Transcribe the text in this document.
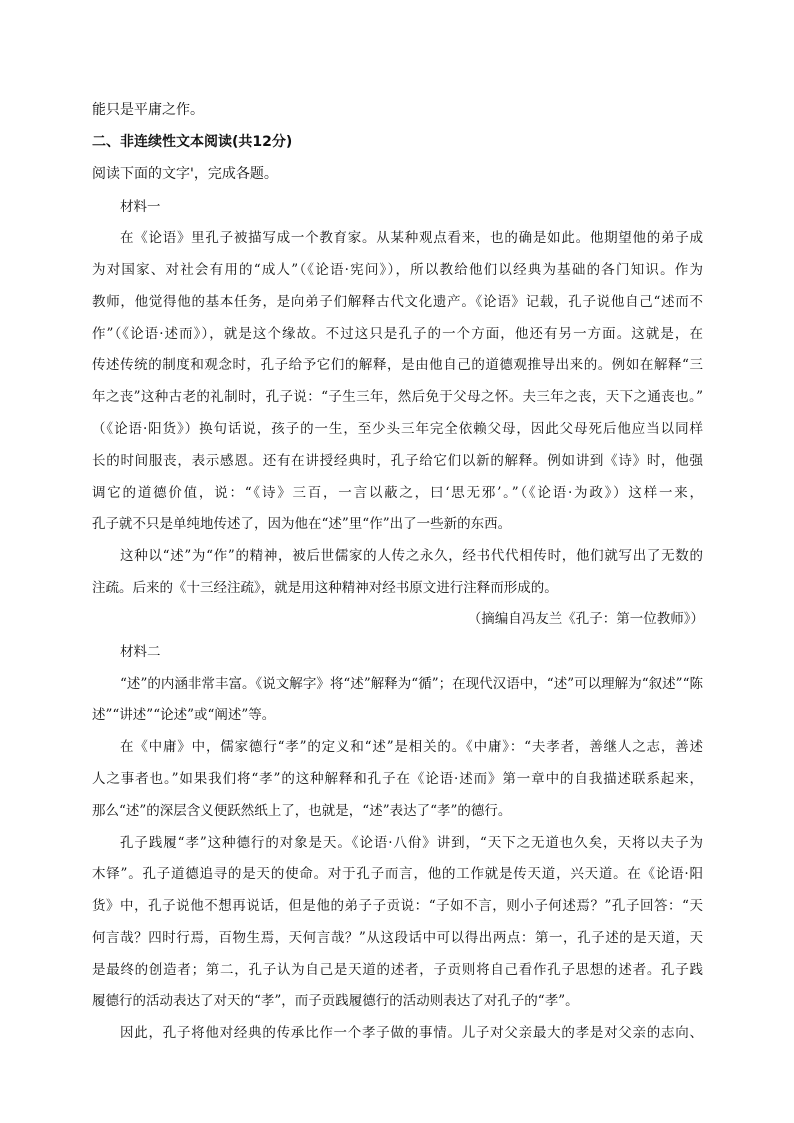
能只是平庸之作。
二、非连续性文本阅读(共12分)
阅读下面的文字'，完成各题。
材料一
在《论语》里孔子被描写成一个教育家。从某种观点看来，也的确是如此。他期望他的弟子成
为对国家、对社会有用的“成人”（《论语·宪问》），所以教给他们以经典为基础的各门知识。作为
教师，他觉得他的基本任务，是向弟子们解释古代文化遗产。《论语》记载，孔子说他自己“述而不
作”（《论语·述而》），就是这个缘故。不过这只是孔子的一个方面，他还有另一方面。这就是，在
传述传统的制度和观念时，孔子给予它们的解释，是由他自己的道德观推导出来的。例如在解释“三
年之丧”这种古老的礼制时，孔子说：“子生三年，然后免于父母之怀。夫三年之丧，天下之通丧也。”
（《论语·阳货》）换句话说，孩子的一生，至少头三年完全依赖父母，因此父母死后他应当以同样
长的时间服丧，表示感恩。还有在讲授经典时，孔子给它们以新的解释。例如讲到《诗》时，他强
调它的道德价值，说：“《诗》三百，一言以蔽之，曰‘思无邪’。”（《论语·为政》）这样一来，
孔子就不只是单纯地传述了，因为他在“述”里“作”出了一些新的东西。
这种以“述”为“作”的精神，被后世儒家的人传之永久，经书代代相传时，他们就写出了无数的
注疏。后来的《十三经注疏》，就是用这种精神对经书原文进行注释而形成的。
（摘编自冯友兰《孔子：第一位教师》）
材料二
“述”的内涵非常丰富。《说文解字》将“述”解释为“循”；在现代汉语中，“述”可以理解为“叙述”“陈
述”“讲述”“论述”或“阐述”等。
在《中庸》中，儒家德行“孝”的定义和“述”是相关的。《中庸》：“夫孝者，善继人之志，善述
人之事者也。”如果我们将“孝”的这种解释和孔子在《论语·述而》第一章中的自我描述联系起来，
那么“述”的深层含义便跃然纸上了，也就是，“述”表达了“孝”的德行。
孔子践履“孝”这种德行的对象是天。《论语·八佾》讲到，“天下之无道也久矣，天将以夫子为
木铎”。孔子道德追寻的是天的使命。对于孔子而言，他的工作就是传天道，兴天道。在《论语·阳
货》中，孔子说他不想再说话，但是他的弟子子贡说：“子如不言，则小子何述焉？”孔子回答：“天
何言哉？四时行焉，百物生焉，天何言哉？”从这段话中可以得出两点：第一，孔子述的是天道，天
是最终的创造者；第二，孔子认为自己是天道的述者，子贡则将自己看作孔子思想的述者。孔子践
履德行的活动表达了对天的“孝”，而子贡践履德行的活动则表达了对孔子的“孝”。
因此，孔子将他对经典的传承比作一个孝子做的事情。儿子对父亲最大的孝是对父亲的志向、
